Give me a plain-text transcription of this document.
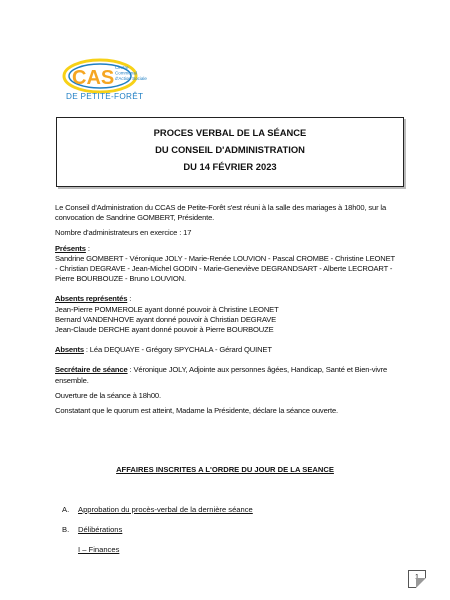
CAS Centre
Communal
d'Action Sociale
DE PETITE-FORÊT
PROCES VERBAL DE LA SÉANCE
DU CONSEIL D'ADMINISTRATION
DU 14 FÉVRIER 2023

Le Conseil d'Administration du CCAS de Petite-Forêt s'est réuni à la salle des mariages à 18h00, sur la convocation de Sandrine GOMBERT, Présidente.

Nombre d'administrateurs en exercice : 17

Présents :

Sandrine GOMBERT - Véronique JOLY - Marie-Renée LOUVION - Pascal CROMBE - Christine LEONET - Christian DEGRAVE - Jean-Michel GODIN - Marie-Geneviève DEGRANDSART - Alberte LECROART - Pierre BOURBOUZE - Bruno LOUVION.

Absents représentés :

Jean-Pierre POMMEROLE ayant donné pouvoir à Christine LEONET

Bernard VANDENHOVE ayant donné pouvoir à Christian DEGRAVE

Jean-Claude DERCHE ayant donné pouvoir à Pierre BOURBOUZE

Absents : Léa DEQUAYE - Grégory SPYCHALA - Gérard QUINET

Secrétaire de séance : Véronique JOLY, Adjointe aux personnes âgées, Handicap, Santé et Bien-vivre ensemble.

Ouverture de la séance à 18h00.

Constatant que le quorum est atteint, Madame la Présidente, déclare la séance ouverte.

AFFAIRES INSCRITES A L'ORDRE DU JOUR DE LA SEANCE
A. Approbation du procès-verbal de la dernière séance
B. Délibérations
I – Finances
1
